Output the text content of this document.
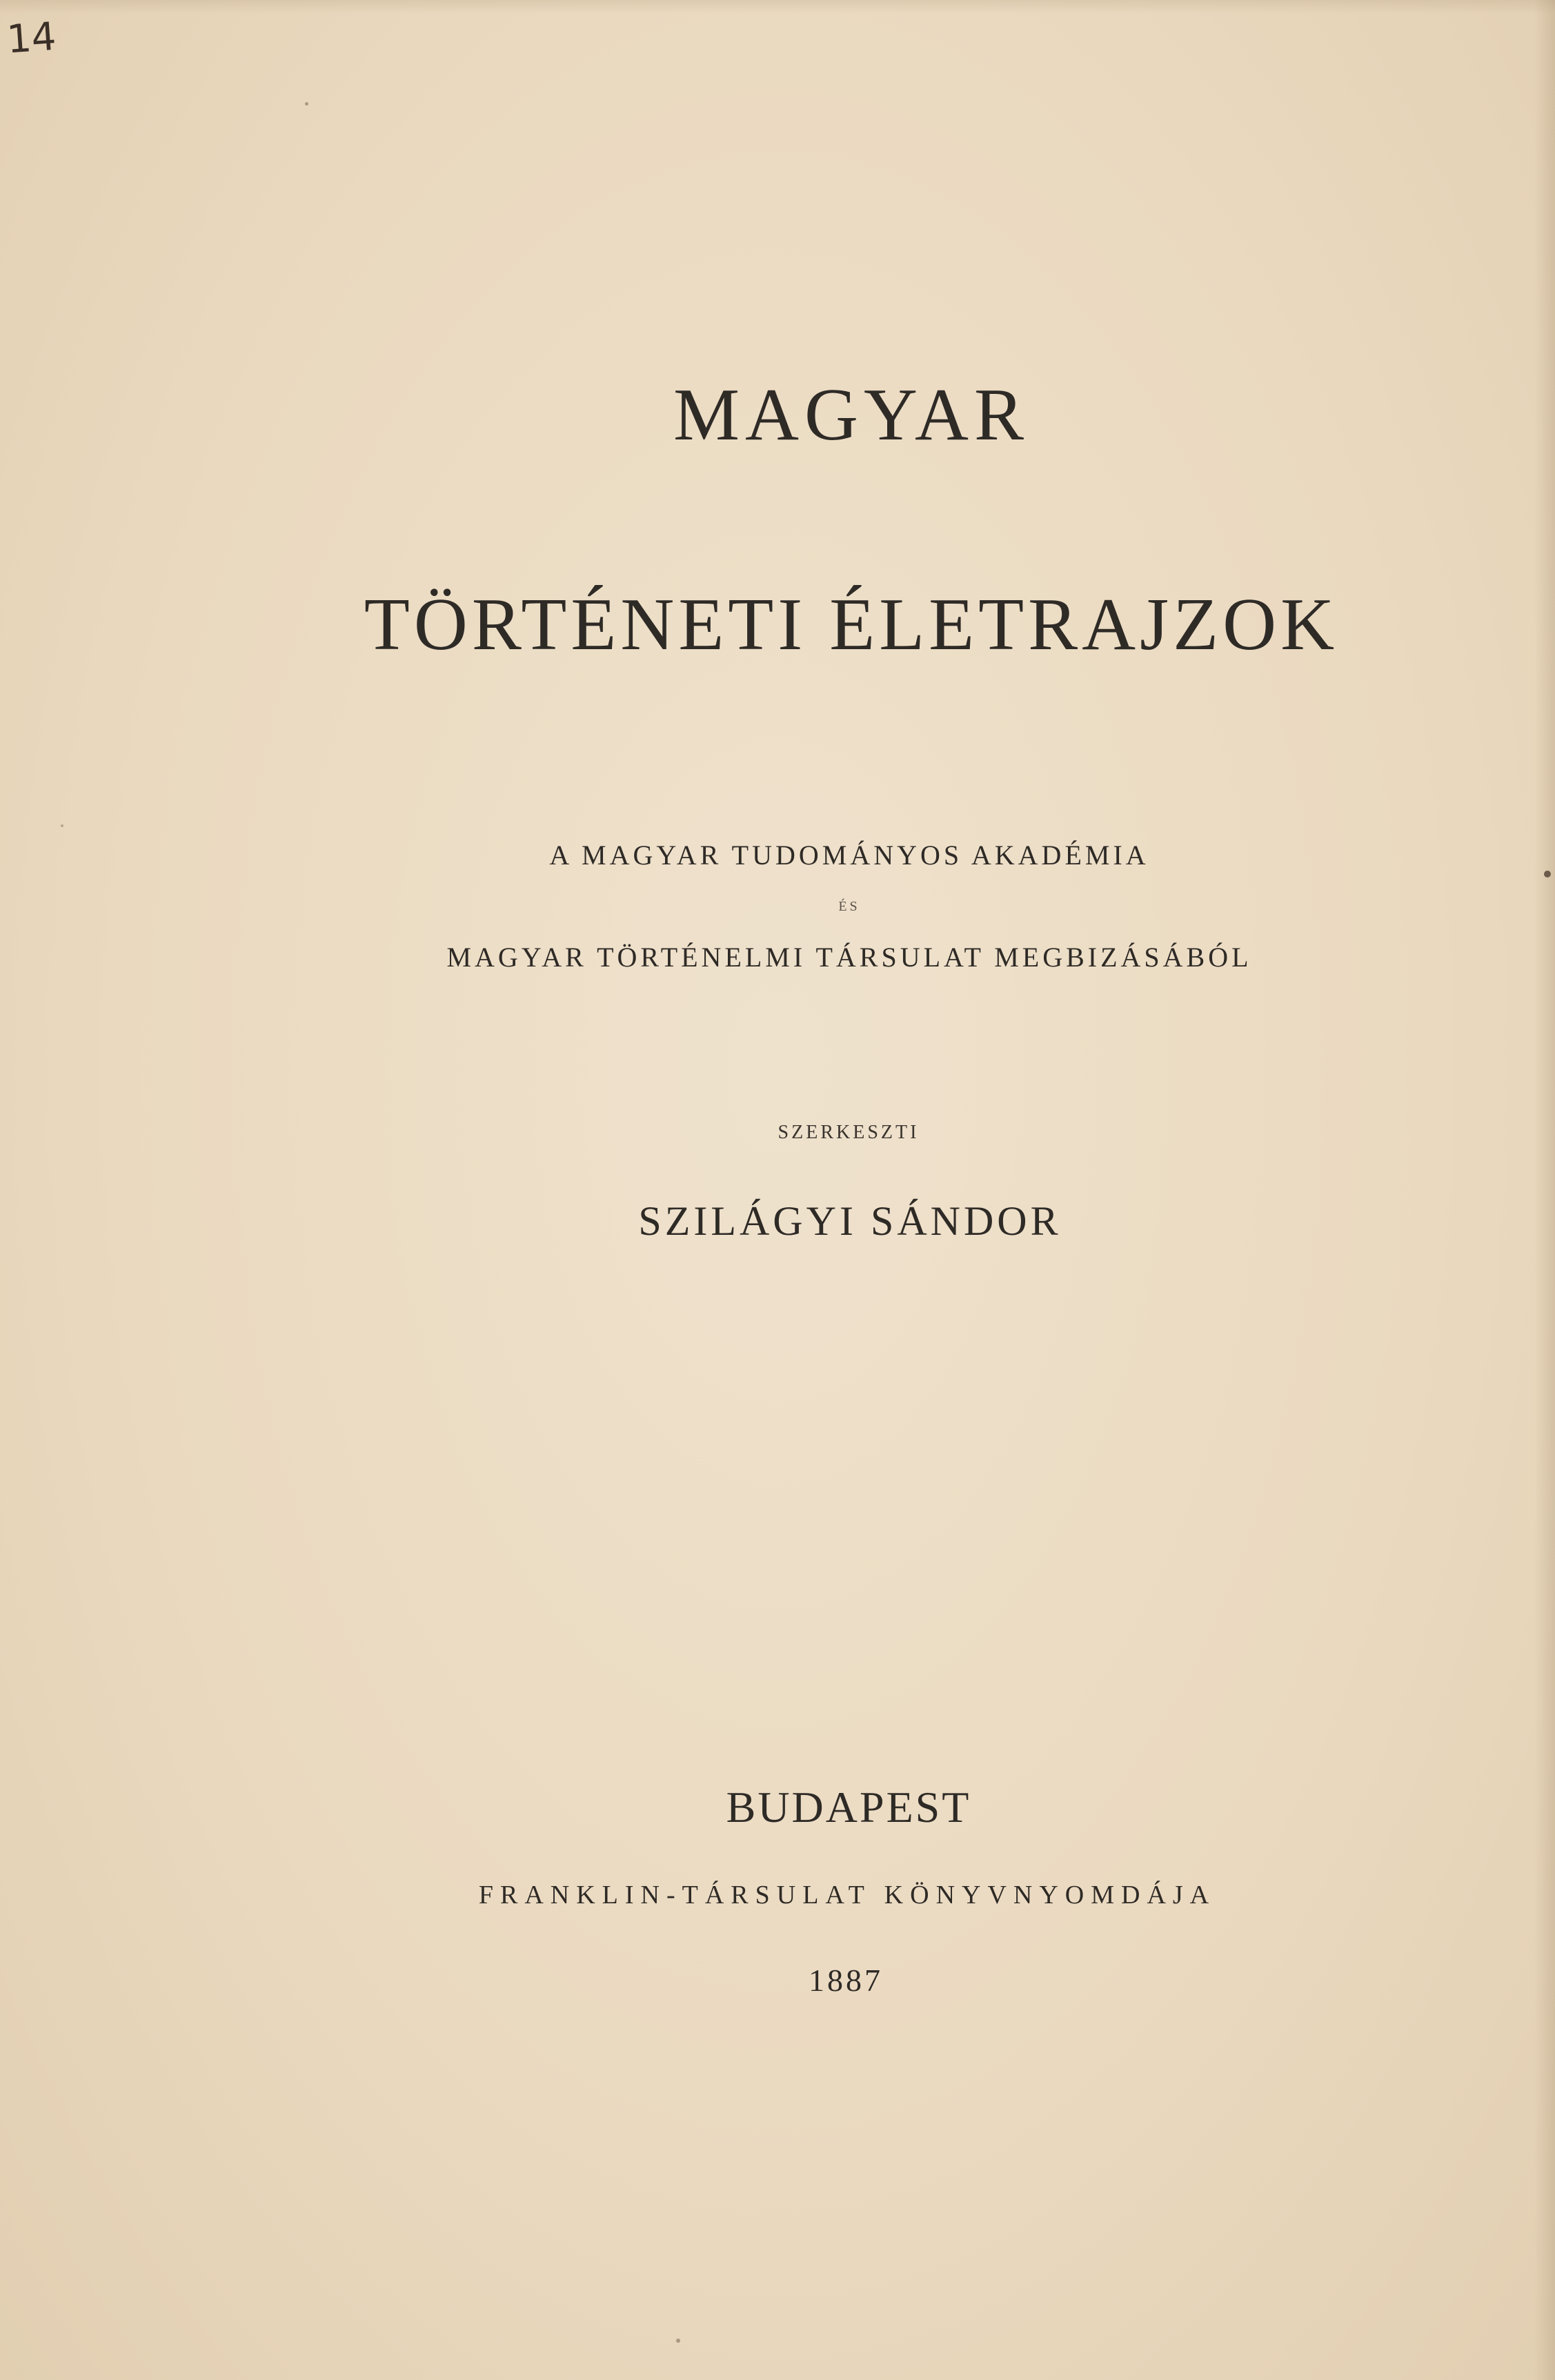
14
MAGYAR
TÖRTÉNETI ÉLETRAJZOK
A MAGYAR TUDOMÁNYOS AKADÉMIA
ÉS
MAGYAR TÖRTÉNELMI TÁRSULAT MEGBIZÁSÁBÓL
SZERKESZTI
SZILÁGYI SÁNDOR
BUDAPEST
FRANKLIN-TÁRSULAT KÖNYVNYOMDÁJA
1887
